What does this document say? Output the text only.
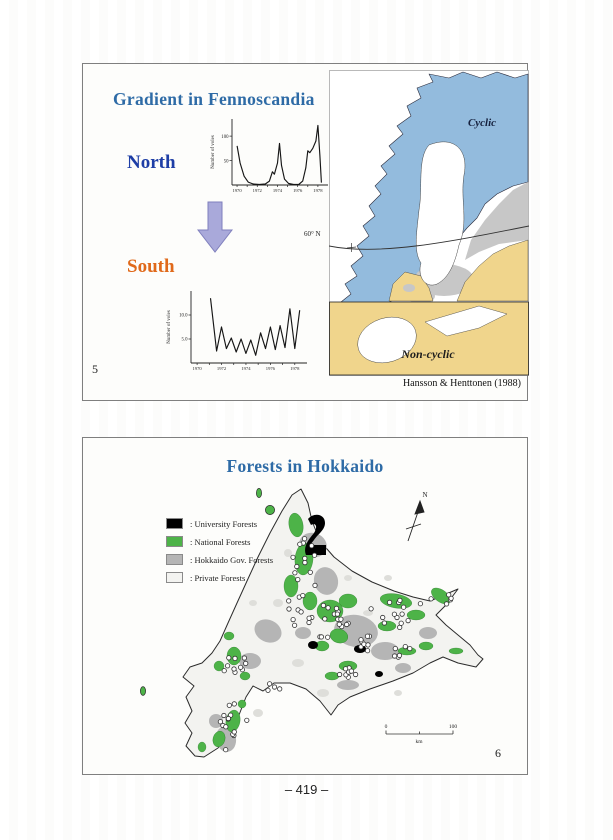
Gradient in Fennoscandia
North
South
50
100
1970 1972 1974 1976 1978
Number of voles
5.0
10.0
1970	1972	1974	1976	1978
Number of voles
Cyclic
Non-cyclic
60° N
Hansson & Henttonen (1988)
5
Forests in Hokkaido
N
0	100
km
: University Forests
: National Forests
: Hokkaido Gov. Forests
: Private Forests
6
– 419 –
